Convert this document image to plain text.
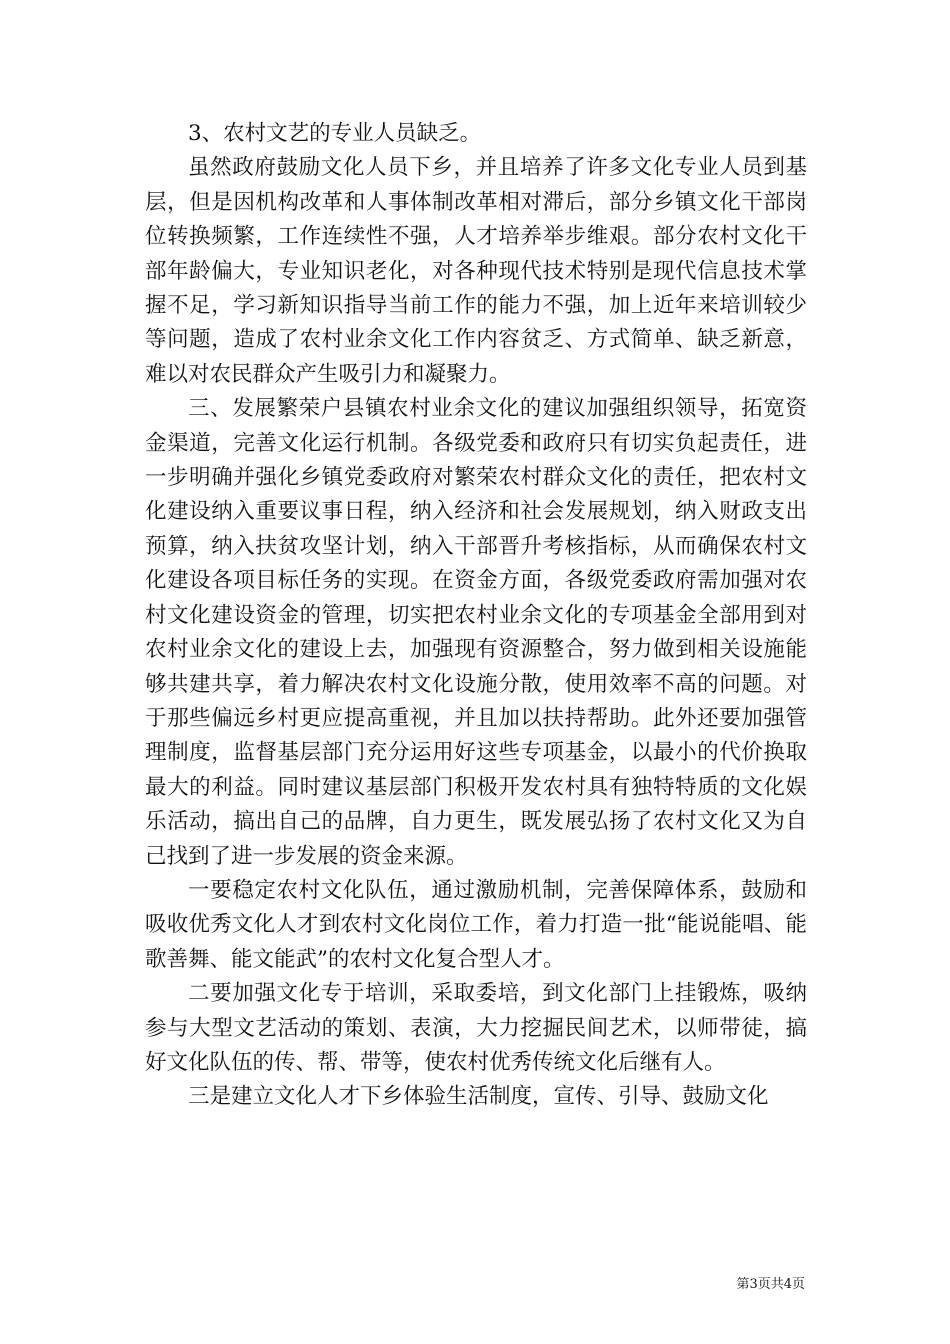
3、农村文艺的专业人员缺乏。

虽然政府鼓励文化人员下乡，并且培养了许多文化专业人员到基层，但是因机构改革和人事体制改革相对滞后，部分乡镇文化干部岗位转换频繁，工作连续性不强，人才培养举步维艰。部分农村文化干部年龄偏大，专业知识老化，对各种现代技术特别是现代信息技术掌握不足，学习新知识指导当前工作的能力不强，加上近年来培训较少等问题，造成了农村业余文化工作内容贫乏、方式简单、缺乏新意，难以对农民群众产生吸引力和凝聚力。

三、发展繁荣户县镇农村业余文化的建议加强组织领导，拓宽资金渠道，完善文化运行机制。各级党委和政府只有切实负起责任，进一步明确并强化乡镇党委政府对繁荣农村群众文化的责任，把农村文化建设纳入重要议事日程，纳入经济和社会发展规划，纳入财政支出预算，纳入扶贫攻坚计划，纳入干部晋升考核指标，从而确保农村文化建设各项目标任务的实现。在资金方面，各级党委政府需加强对农村文化建设资金的管理，切实把农村业余文化的专项基金全部用到对农村业余文化的建设上去，加强现有资源整合，努力做到相关设施能够共建共享，着力解决农村文化设施分散，使用效率不高的问题。对于那些偏远乡村更应提高重视，并且加以扶持帮助。此外还要加强管理制度，监督基层部门充分运用好这些专项基金，以最小的代价换取最大的利益。同时建议基层部门积极开发农村具有独特特质的文化娱乐活动，搞出自己的品牌，自力更生，既发展弘扬了农村文化又为自己找到了进一步发展的资金来源。

一要稳定农村文化队伍，通过激励机制，完善保障体系，鼓励和吸收优秀文化人才到农村文化岗位工作，着力打造一批“能说能唱、能歌善舞、能文能武”的农村文化复合型人才。

二要加强文化专于培训，采取委培，到文化部门上挂锻炼，吸纳参与大型文艺活动的策划、表演，大力挖掘民间艺术，以师带徒，搞好文化队伍的传、帮、带等，使农村优秀传统文化后继有人。

三是建立文化人才下乡体验生活制度，宣传、引导、鼓励文化

第3页共4页
